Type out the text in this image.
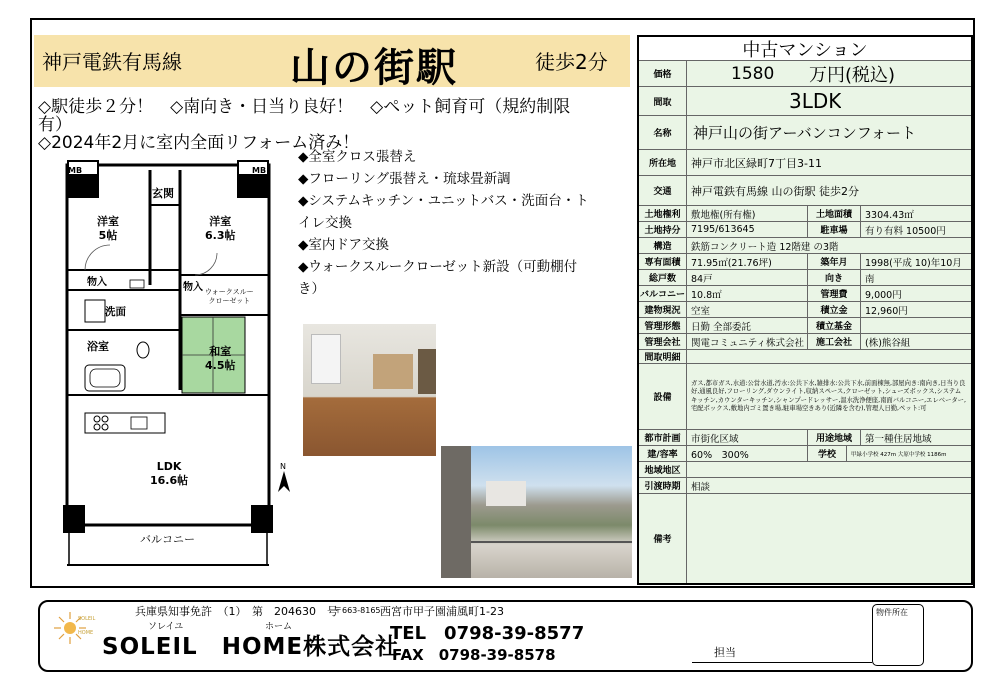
神戸電鉄有馬線	山の街駅	徒歩2分
◇駅徒歩２分！　◇南向き・日当り良好！　◇ペット飼育可（規約制限
有）
◇2024年2月に室内全面リフォーム済み！
◆全室クロス張替え
◆フローリング張替え・琉球畳新調
◆システムキッチン・ユニットバス・洗面台・ト
イレ交換
◆室内ドア交換
◆ウォークスルークローゼット新設（可動棚付
き）
MB	MB
玄関
洋室
5帖
洋室
6.3帖
物入	物入
洗面
ウォークスルー
クローゼット
浴室	和室
4.5帖
LDK
16.6帖
バルコニー
N
中古マンション
価格	1580 万円(税込)
間取	3LDK
名称	神戸山の街アーバンコンフォート
所在地	神戸市北区緑町7丁目3-11
交通	神戸電鉄有馬線 山の街駅 徒歩2分
土地権利	敷地権(所有権)	土地面積	3304.43㎡
土地持分	7195/613645	駐車場	有り有料 10500円
構造	鉄筋コンクリート造 12階建 の3階
専有面積	71.95㎡(21.76坪)	築年月	1998(平成 10)年10月
総戸数	84戸	向き	南
バルコニー 10.8㎡	管理費	9,000円
建物現況	空室	積立金	12,960円
管理形態	日勤 全部委託	積立基金
管理会社	関電コミュニティ株式会社	施工会社	(株)熊谷組
間取明細
設備
ガス,都市ガス,水道:公営水道,汚水:公共下水,雑排水:公共下水,前面棟無,部屋向き:南向き,日当り良好,通風良好,フローリング,ダウンライト,収納スペース,クローゼット,シューズボックス,システムキッチン,カウンターキッチン,シャンプードレッサー,温水洗浄便座,南面バルコニー,エレベーター,宅配ボックス,敷地内ゴミ置き場,駐車場空きあり(近隣を含む),管理人日勤,ペット:可
都市計画	市街化区域	用途地域	第一種住居地域
建/容率	60%　300%	学校	甲緑小学校 427m 大原中学校 1186m
地域地区
引渡時期	相談
備考
兵庫県知事免許　（1）　第　204630　号
〒663-8165 西宮市甲子園浦風町1-23
SOLEIL
HOME
ソレイユ	ホーム
SOLEIL　HOME株式会社
TEL　0798-39-8577
FAX　0798-39-8578	担当
物件所在
